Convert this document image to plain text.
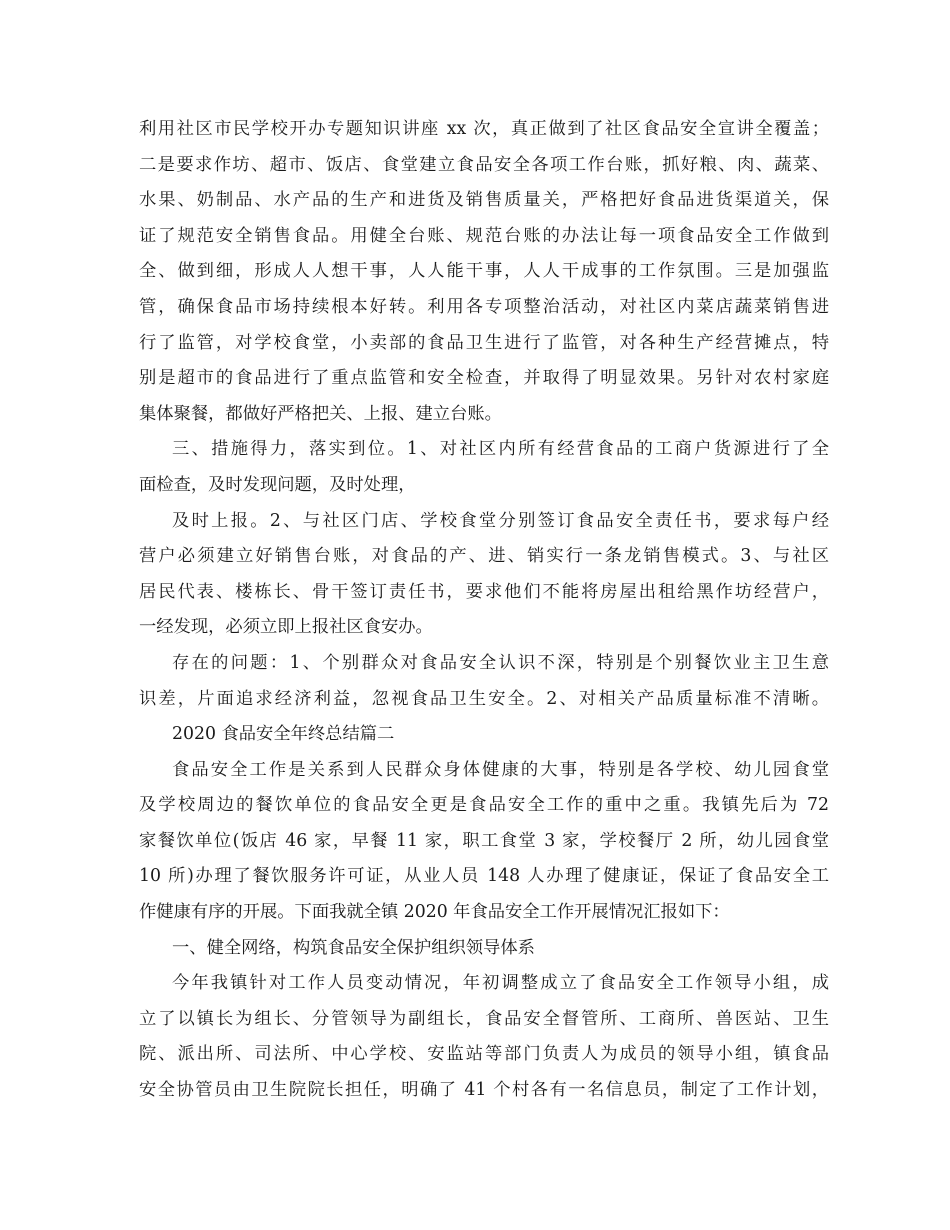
利用社区市民学校开办专题知识讲座 xx 次，真正做到了社区食品安全宣讲全覆盖；
二是要求作坊、超市、饭店、食堂建立食品安全各项工作台账，抓好粮、肉、蔬菜、
水果、奶制品、水产品的生产和进货及销售质量关，严格把好食品进货渠道关，保
证了规范安全销售食品。用健全台账、规范台账的办法让每一项食品安全工作做到
全、做到细，形成人人想干事，人人能干事，人人干成事的工作氛围。三是加强监
管，确保食品市场持续根本好转。利用各专项整治活动，对社区内菜店蔬菜销售进
行了监管，对学校食堂，小卖部的食品卫生进行了监管，对各种生产经营摊点，特
别是超市的食品进行了重点监管和安全检查，并取得了明显效果。另针对农村家庭
集体聚餐，都做好严格把关、上报、建立台账。
三、措施得力，落实到位。1、对社区内所有经营食品的工商户货源进行了全
面检查，及时发现问题，及时处理，
及时上报。2、与社区门店、学校食堂分别签订食品安全责任书，要求每户经
营户必须建立好销售台账，对食品的产、进、销实行一条龙销售模式。3、与社区
居民代表、楼栋长、骨干签订责任书，要求他们不能将房屋出租给黑作坊经营户，
一经发现，必须立即上报社区食安办。
存在的问题：1、个别群众对食品安全认识不深，特别是个别餐饮业主卫生意
识差，片面追求经济利益，忽视食品卫生安全。2、对相关产品质量标准不清晰。
2020 食品安全年终总结篇二
食品安全工作是关系到人民群众身体健康的大事，特别是各学校、幼儿园食堂
及学校周边的餐饮单位的食品安全更是食品安全工作的重中之重。我镇先后为 72
家餐饮单位(饭店 46 家，早餐 11 家，职工食堂 3 家，学校餐厅 2 所，幼儿园食堂
10 所)办理了餐饮服务许可证，从业人员 148 人办理了健康证，保证了食品安全工
作健康有序的开展。下面我就全镇 2020 年食品安全工作开展情况汇报如下：
一、健全网络，构筑食品安全保护组织领导体系
今年我镇针对工作人员变动情况，年初调整成立了食品安全工作领导小组，成
立了以镇长为组长、分管领导为副组长，食品安全督管所、工商所、兽医站、卫生
院、派出所、司法所、中心学校、安监站等部门负责人为成员的领导小组，镇食品
安全协管员由卫生院院长担任，明确了 41 个村各有一名信息员，制定了工作计划，
